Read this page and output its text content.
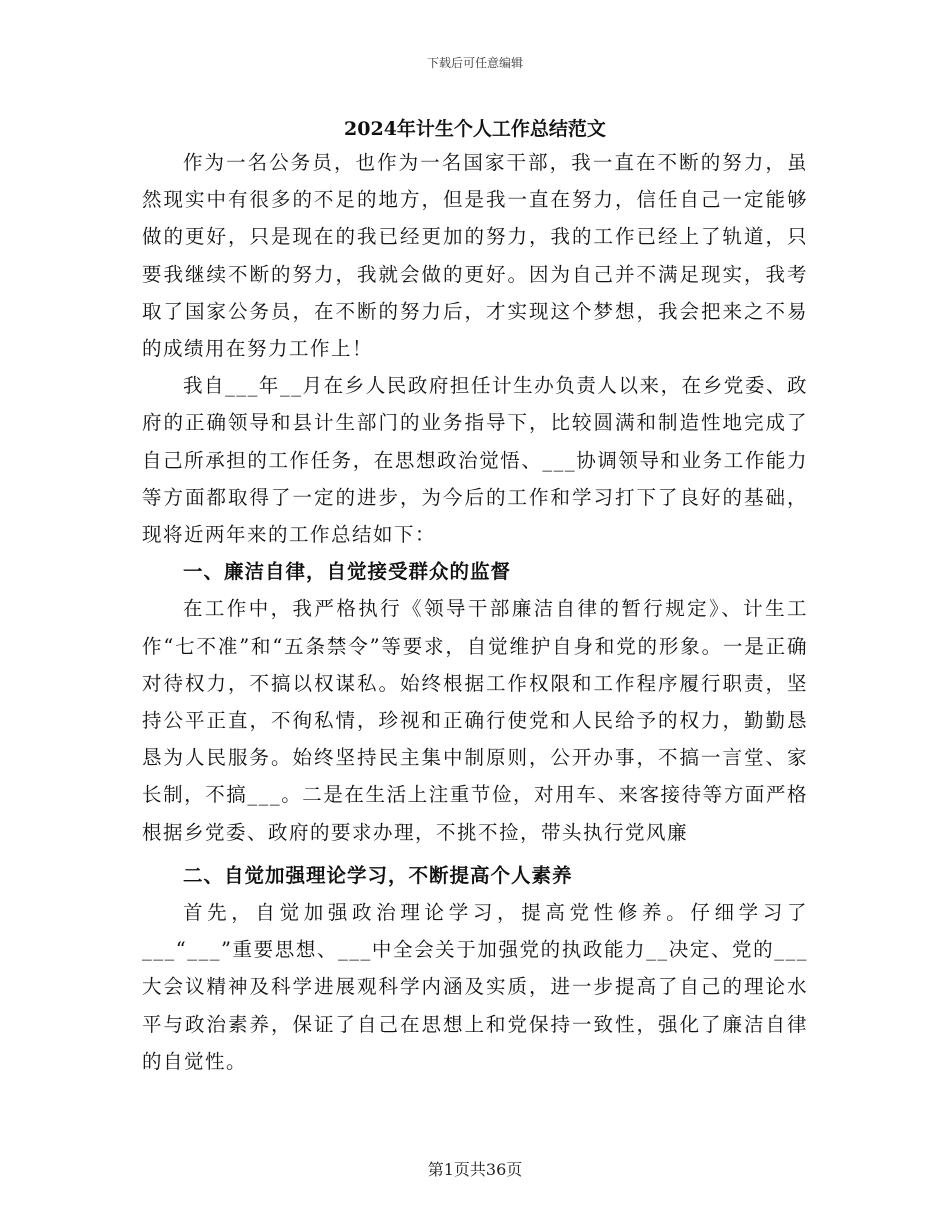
下载后可任意编辑
2024年计生个人工作总结范文

作为一名公务员，也作为一名国家干部，我一直在不断的努力，虽然现实中有很多的不足的地方，但是我一直在努力，信任自己一定能够做的更好，只是现在的我已经更加的努力，我的工作已经上了轨道，只要我继续不断的努力，我就会做的更好。因为自己并不满足现实，我考取了国家公务员，在不断的努力后，才实现这个梦想，我会把来之不易的成绩用在努力工作上！

我自___年__月在乡人民政府担任计生办负责人以来，在乡党委、政府的正确领导和县计生部门的业务指导下，比较圆满和制造性地完成了自己所承担的工作任务，在思想政治觉悟、___协调领导和业务工作能力等方面都取得了一定的进步，为今后的工作和学习打下了良好的基础，现将近两年来的工作总结如下：

一、廉洁自律，自觉接受群众的监督

在工作中，我严格执行《领导干部廉洁自律的暂行规定》、计生工作“七不准”和“五条禁令”等要求，自觉维护自身和党的形象。一是正确对待权力，不搞以权谋私。始终根据工作权限和工作程序履行职责，坚持公平正直，不徇私情，珍视和正确行使党和人民给予的权力，勤勤恳恳为人民服务。始终坚持民主集中制原则，公开办事，不搞一言堂、家长制，不搞___。二是在生活上注重节俭，对用车、来客接待等方面严格根据乡党委、政府的要求办理，不挑不捡，带头执行党风廉

二、自觉加强理论学习，不断提高个人素养

首先，自觉加强政治理论学习，提高党性修养。仔细学习了___“___”重要思想、___中全会关于加强党的执政能力__决定、党的___大会议精神及科学进展观科学内涵及实质，进一步提高了自己的理论水平与政治素养，保证了自己在思想上和党保持一致性，强化了廉洁自律的自觉性。

第1页共36页
